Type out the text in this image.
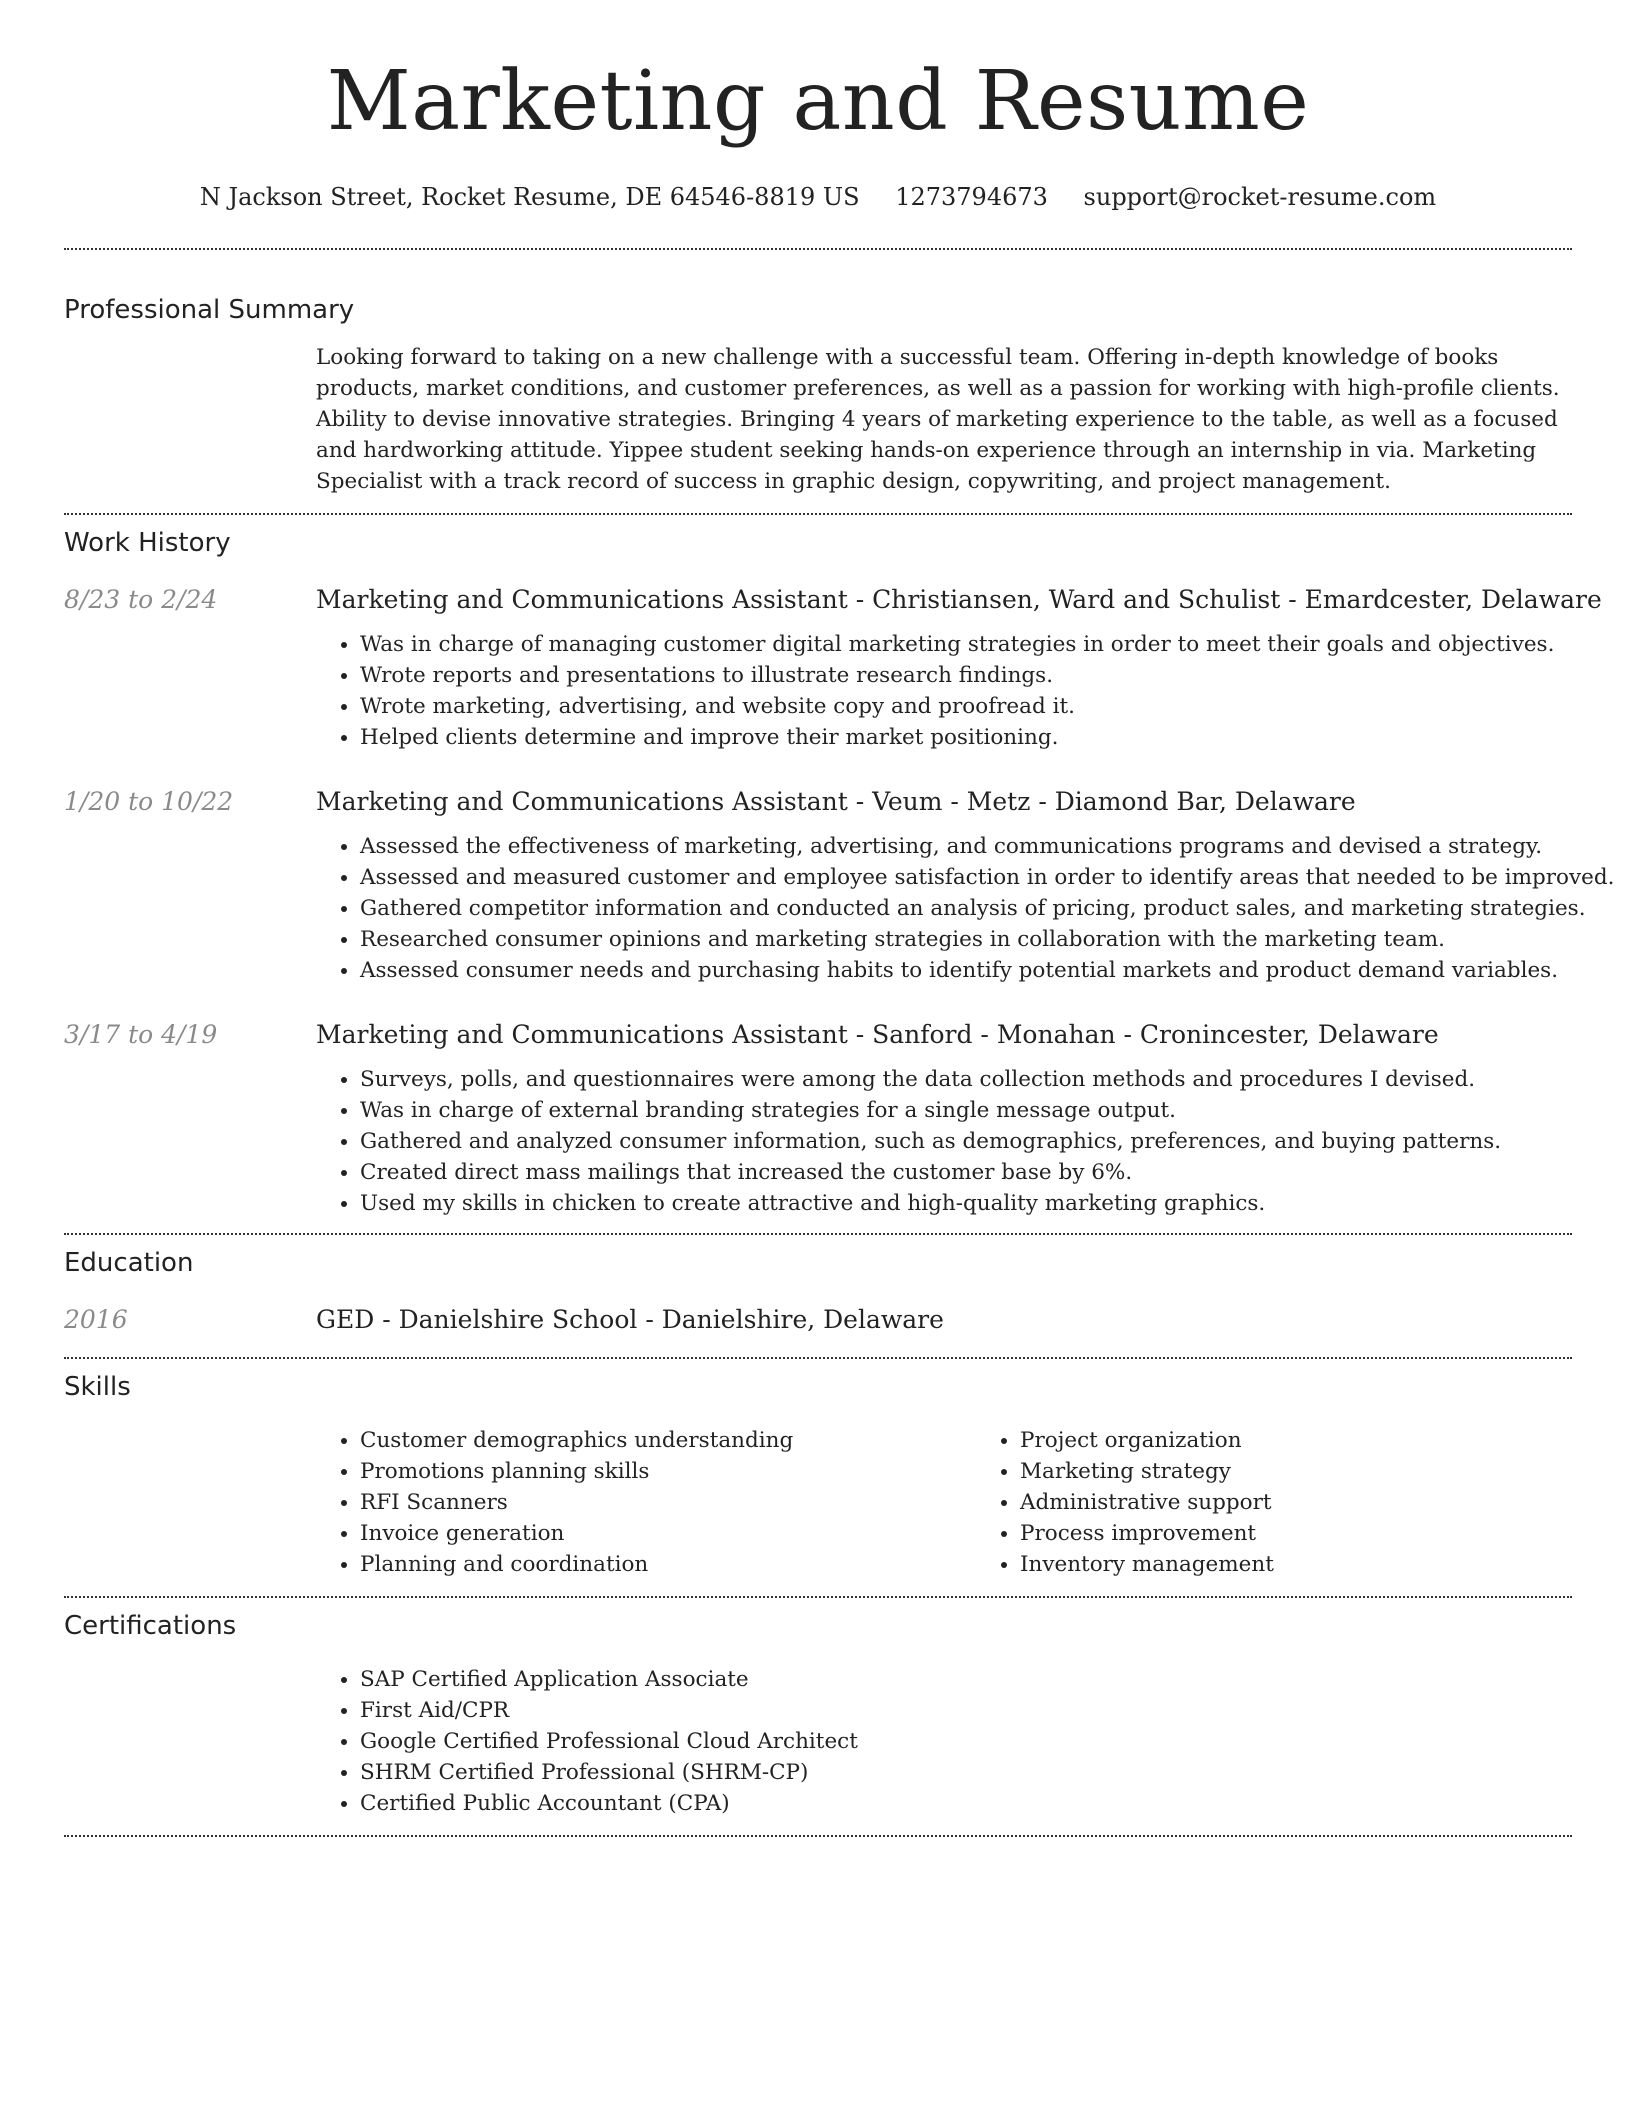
Marketing and Resume
N Jackson Street, Rocket Resume, DE 64546-8819 US 1273794673 support@rocket-resume.com
Professional Summary

Looking forward to taking on a new challenge with a successful team. Offering in-depth knowledge of books products, market conditions, and customer preferences, as well as a passion for working with high-profile clients. Ability to devise innovative strategies. Bringing 4 years of marketing experience to the table, as well as a focused and hardworking attitude. Yippee student seeking hands-on experience through an internship in via. Marketing Specialist with a track record of success in graphic design, copywriting, and project management.

Work History
8/23 to 2/24	Marketing and Communications Assistant - Christiansen, Ward and Schulist - Emardcester, Delaware

• Was in charge of managing customer digital marketing strategies in order to meet their goals and objectives.
• Wrote reports and presentations to illustrate research findings.
• Wrote marketing, advertising, and website copy and proofread it.
• Helped clients determine and improve their market positioning.
1/20 to 10/22	Marketing and Communications Assistant - Veum - Metz - Diamond Bar, Delaware

• Assessed the effectiveness of marketing, advertising, and communications programs and devised a strategy.
• Assessed and measured customer and employee satisfaction in order to identify areas that needed to be improved.
• Gathered competitor information and conducted an analysis of pricing, product sales, and marketing strategies.
• Researched consumer opinions and marketing strategies in collaboration with the marketing team.
• Assessed consumer needs and purchasing habits to identify potential markets and product demand variables.
3/17 to 4/19	Marketing and Communications Assistant - Sanford - Monahan - Cronincester, Delaware

• Surveys, polls, and questionnaires were among the data collection methods and procedures I devised.
• Was in charge of external branding strategies for a single message output.
• Gathered and analyzed consumer information, such as demographics, preferences, and buying patterns.
• Created direct mass mailings that increased the customer base by 6%.
• Used my skills in chicken to create attractive and high-quality marketing graphics.
Education
2016	GED - Danielshire School - Danielshire, Delaware

Skills
• Customer demographics understanding
• Promotions planning skills
• RFI Scanners
• Invoice generation
• Planning and coordination
• Project organization
• Marketing strategy
• Administrative support
• Process improvement
• Inventory management
Certifications
• SAP Certified Application Associate
• First Aid/CPR
• Google Certified Professional Cloud Architect
• SHRM Certified Professional (SHRM-CP)
• Certified Public Accountant (CPA)
